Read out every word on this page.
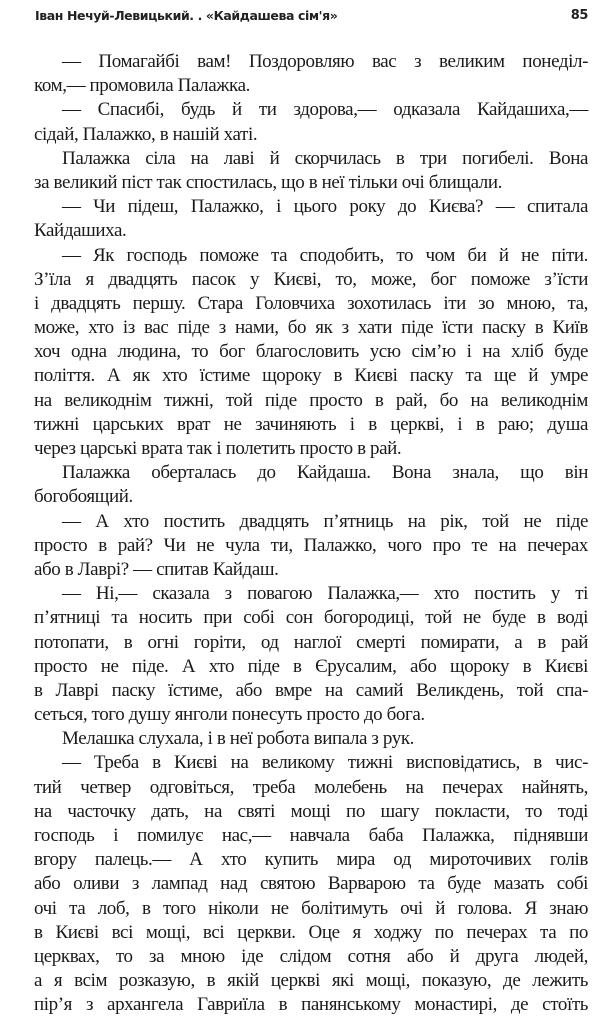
Іван Нечуй-Левицький. . «Кайдашева сім'я»	85
— Помагайбі вам! Поздоровляю вас з великим понеділ-
ком,— промовила Палажка.
— Спасибі, будь й ти здорова,— одказала Кайдашиха,—
сідай, Палажко, в нашій хаті.
Палажка сіла на лаві й скорчилась в три погибелі. Вона
за великий піст так спостилась, що в неї тільки очі блищали.
— Чи підеш, Палажко, і цього року до Києва? — спитала
Кайдашиха.
— Як господь поможе та сподобить, то чом би й не піти.
З’їла я двадцять пасок у Києві, то, може, бог поможе з’їсти
і двадцять першу. Стара Головчиха зохотилась іти зо мною, та,
може, хто із вас піде з нами, бо як з хати піде їсти паску в Київ
хоч одна людина, то бог благословить усю сім’ю і на хліб буде
поліття. А як хто їстиме щороку в Києві паску та ще й умре
на великоднім тижні, той піде просто в рай, бо на великоднім
тижні царських врат не зачиняють і в церкві, і в раю; душа
через царські врата так і полетить просто в рай.
Палажка оберталась до Кайдаша. Вона знала, що він
богобоящий.
— А хто постить двадцять п’ятниць на рік, той не піде
просто в рай? Чи не чула ти, Палажко, чого про те на печерах
або в Лаврі? — спитав Кайдаш.
— Ні,— сказала з повагою Палажка,— хто постить у ті
п’ятниці та носить при собі сон богородиці, той не буде в воді
потопати, в огні горіти, од наглої смерті помирати, а в рай
просто не піде. А хто піде в Єрусалим, або щороку в Києві
в Лаврі паску їстиме, або вмре на самий Великдень, той спа-
сеться, того душу янголи понесуть просто до бога.
Мелашка слухала, і в неї робота випала з рук.
— Треба в Києві на великому тижні висповідатись, в чис-
тий четвер одговіться, треба молебень на печерах найнять,
на часточку дать, на святі мощі по шагу покласти, то тоді
господь і помилує нас,— навчала баба Палажка, піднявши
вгору палець.— А хто купить мира од мироточивих голів
або оливи з лампад над святою Варварою та буде мазать собі
очі та лоб, в того ніколи не болітимуть очі й голова. Я знаю
в Києві всі мощі, всі церкви. Оце я ходжу по печерах та по
церквах, то за мною іде слідом сотня або й друга людей,
а я всім розказую, в якій церкві які мощі, показую, де лежить
пір’я з архангела Гавриїла в панянському монастирі, де стоїть
